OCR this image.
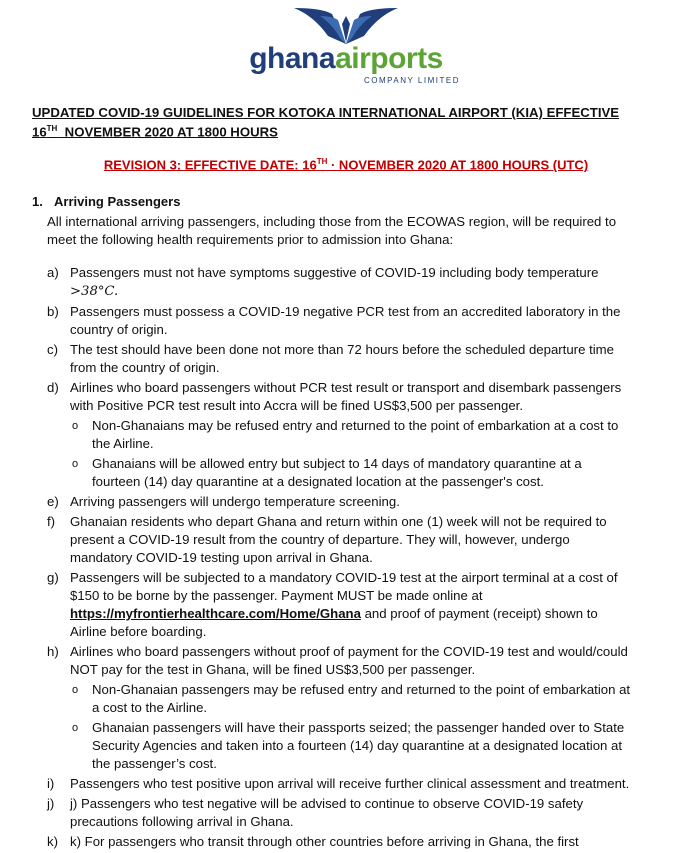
ghanaairports
COMPANY LIMITED
UPDATED COVID-19 GUIDELINES FOR KOTOKA INTERNATIONAL AIRPORT (KIA) EFFECTIVE
16TH  NOVEMBER 2020 AT 1800 HOURS
REVISION 3: EFFECTIVE DATE: 16TH · NOVEMBER 2020 AT 1800 HOURS (UTC)
1. Arriving Passengers
All international arriving passengers, including those from the ECOWAS region, will be required to meet the following health requirements prior to admission into Ghana:
a) Passengers must not have symptoms suggestive of COVID-19 including body temperature
>38°C.
b) Passengers must possess a COVID-19 negative PCR test from an accredited laboratory in the country of origin.
c) The test should have been done not more than 72 hours before the scheduled departure time from the country of origin.
d) Airlines who board passengers without PCR test result or transport and disembark passengers with Positive PCR test result into Accra will be fined US$3,500 per passenger.
o Non-Ghanaians may be refused entry and returned to the point of embarkation at a cost to the Airline.
o Ghanaians will be allowed entry but subject to 14 days of mandatory quarantine at a fourteen (14) day quarantine at a designated location at the passenger's cost.
e) Arriving passengers will undergo temperature screening.
f) Ghanaian residents who depart Ghana and return within one (1) week will not be required to present a COVID-19 result from the country of departure. They will, however, undergo mandatory COVID-19 testing upon arrival in Ghana.
g) Passengers will be subjected to a mandatory COVID-19 test at the airport terminal at a cost of $150 to be borne by the passenger. Payment MUST be made online at
https://myfrontierhealthcare.com/Home/Ghana and proof of payment (receipt) shown to Airline before boarding.
h) Airlines who board passengers without proof of payment for the COVID-19 test and would/could NOT pay for the test in Ghana, will be fined US$3,500 per passenger.
o Non-Ghanaian passengers may be refused entry and returned to the point of embarkation at a cost to the Airline.
o Ghanaian passengers will have their passports seized; the passenger handed over to State Security Agencies and taken into a fourteen (14) day quarantine at a designated location at the passenger’s cost.
i) Passengers who test positive upon arrival will receive further clinical assessment and treatment.
j) j) Passengers who test negative will be advised to continue to observe COVID-19 safety precautions following arrival in Ghana.
k) k) For passengers who transit through other countries before arriving in Ghana, the first
